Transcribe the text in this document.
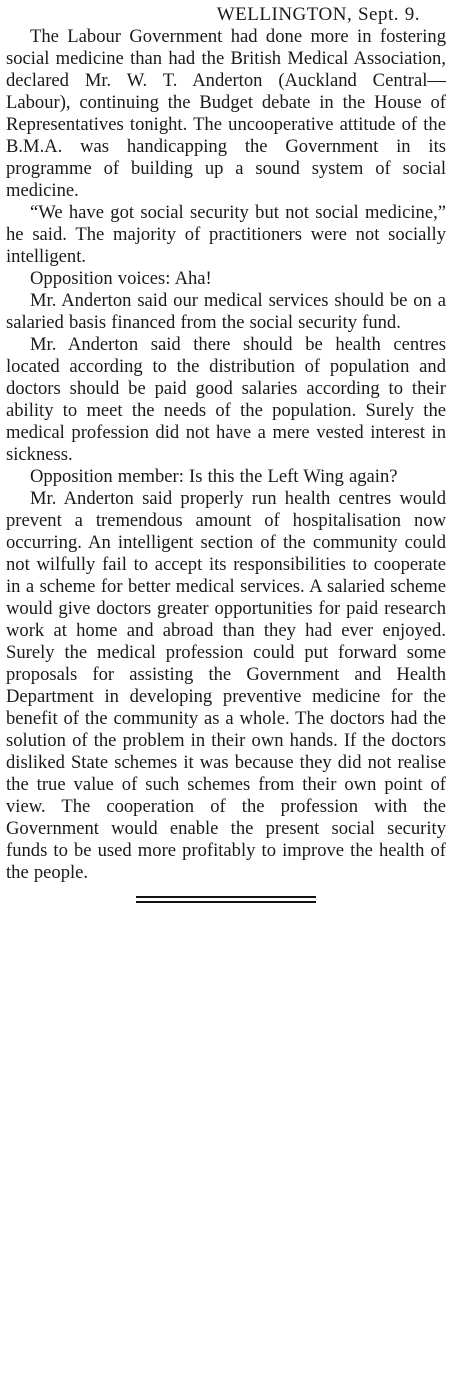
WELLINGTON, Sept. 9.

The Labour Government had done more in fostering social medicine than had the British Medical Association, declared Mr. W. T. Anderton (Auckland Central—Labour), continuing the Budget debate in the House of Representatives tonight. The uncooperative attitude of the B.M.A. was handicapping the Government in its programme of building up a sound system of social medicine.

“We have got social security but not social medicine,” he said. The majority of practitioners were not socially intelligent.

Opposition voices: Aha!

Mr. Anderton said our medical services should be on a salaried basis financed from the social security fund.

Mr. Anderton said there should be health centres located according to the distribution of population and doctors should be paid good salaries according to their ability to meet the needs of the population. Surely the medical profession did not have a mere vested interest in sickness.

Opposition member: Is this the Left Wing again?

Mr. Anderton said properly run health centres would prevent a tremendous amount of hospitalisation now occurring. An intelligent section of the community could not wilfully fail to accept its responsibilities to cooperate in a scheme for better medical services. A salaried scheme would give doctors greater opportunities for paid research work at home and abroad than they had ever enjoyed. Surely the medical profession could put forward some proposals for assisting the Government and Health Department in developing preventive medicine for the benefit of the community as a whole. The doctors had the solution of the problem in their own hands. If the doctors disliked State schemes it was because they did not realise the true value of such schemes from their own point of view. The cooperation of the profession with the Government would enable the present social security funds to be used more profitably to improve the health of the people.
